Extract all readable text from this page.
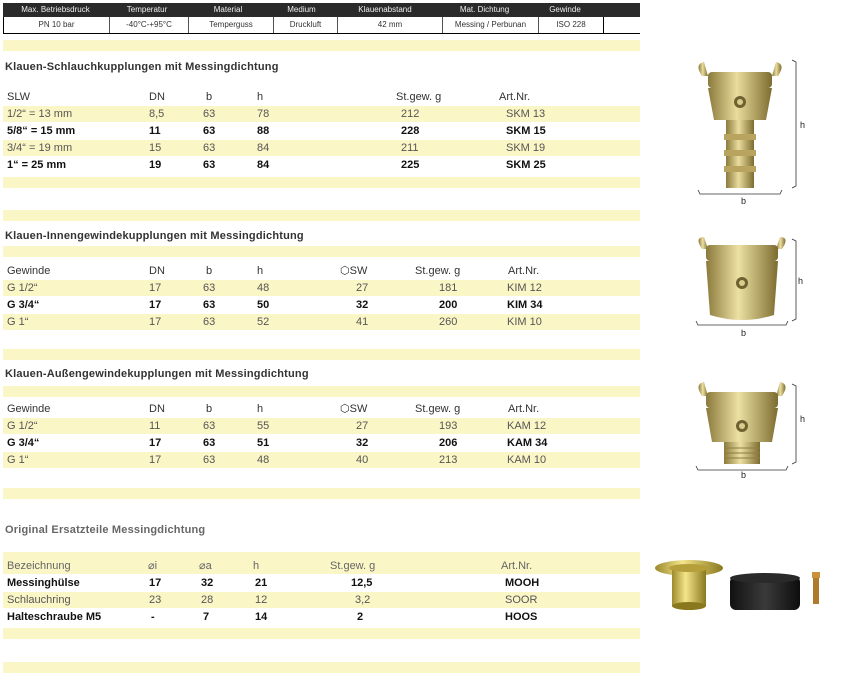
Max. Betriebsdruck	Temperatur	Material	Medium	Klauenabstand	Mat. Dichtung	Gewinde
PN 10 bar	-40°C-+95°C	Temperguss	Druckluft	42 mm	Messing / Perbunan	ISO 228
Klauen-Schlauchkupplungen mit Messingdichtung
SLW	DN	b	h	St.gew. g	Art.Nr.
1/2“ = 13 mm	8,5	63	78	212	SKM 13
5/8“ = 15 mm	11	63	88	228	SKM 15
3/4“ = 19 mm	15	63	84	211	SKM 19
1“ = 25 mm	19	63	84	225	SKM 25
Klauen-Innengewindekupplungen mit Messingdichtung
Gewinde	DN	b	h	⬡SW	St.gew. g	Art.Nr.
G 1/2“	17	63	48	27	181	KIM 12
G 3/4“	17	63	50	32	200	KIM 34
G 1“	17	63	52	41	260	KIM 10
Klauen-Außengewindekupplungen mit Messingdichtung
Gewinde	DN	b	h	⬡SW	St.gew. g	Art.Nr.
G 1/2“	11	63	55	27	193	KAM 12
G 3/4“	17	63	51	32	206	KAM 34
G 1“	17	63	48	40	213	KAM 10
Original Ersatzteile Messingdichtung
Bezeichnung	⌀i	⌀a	h	St.gew. g	Art.Nr.
Messinghülse	17	32	21	12,5	MOOH
Schlauchring	23	28	12	3,2	SOOR
Halteschraube M5	-	7	14	2	HOOS
h
b
h
b
h
b
